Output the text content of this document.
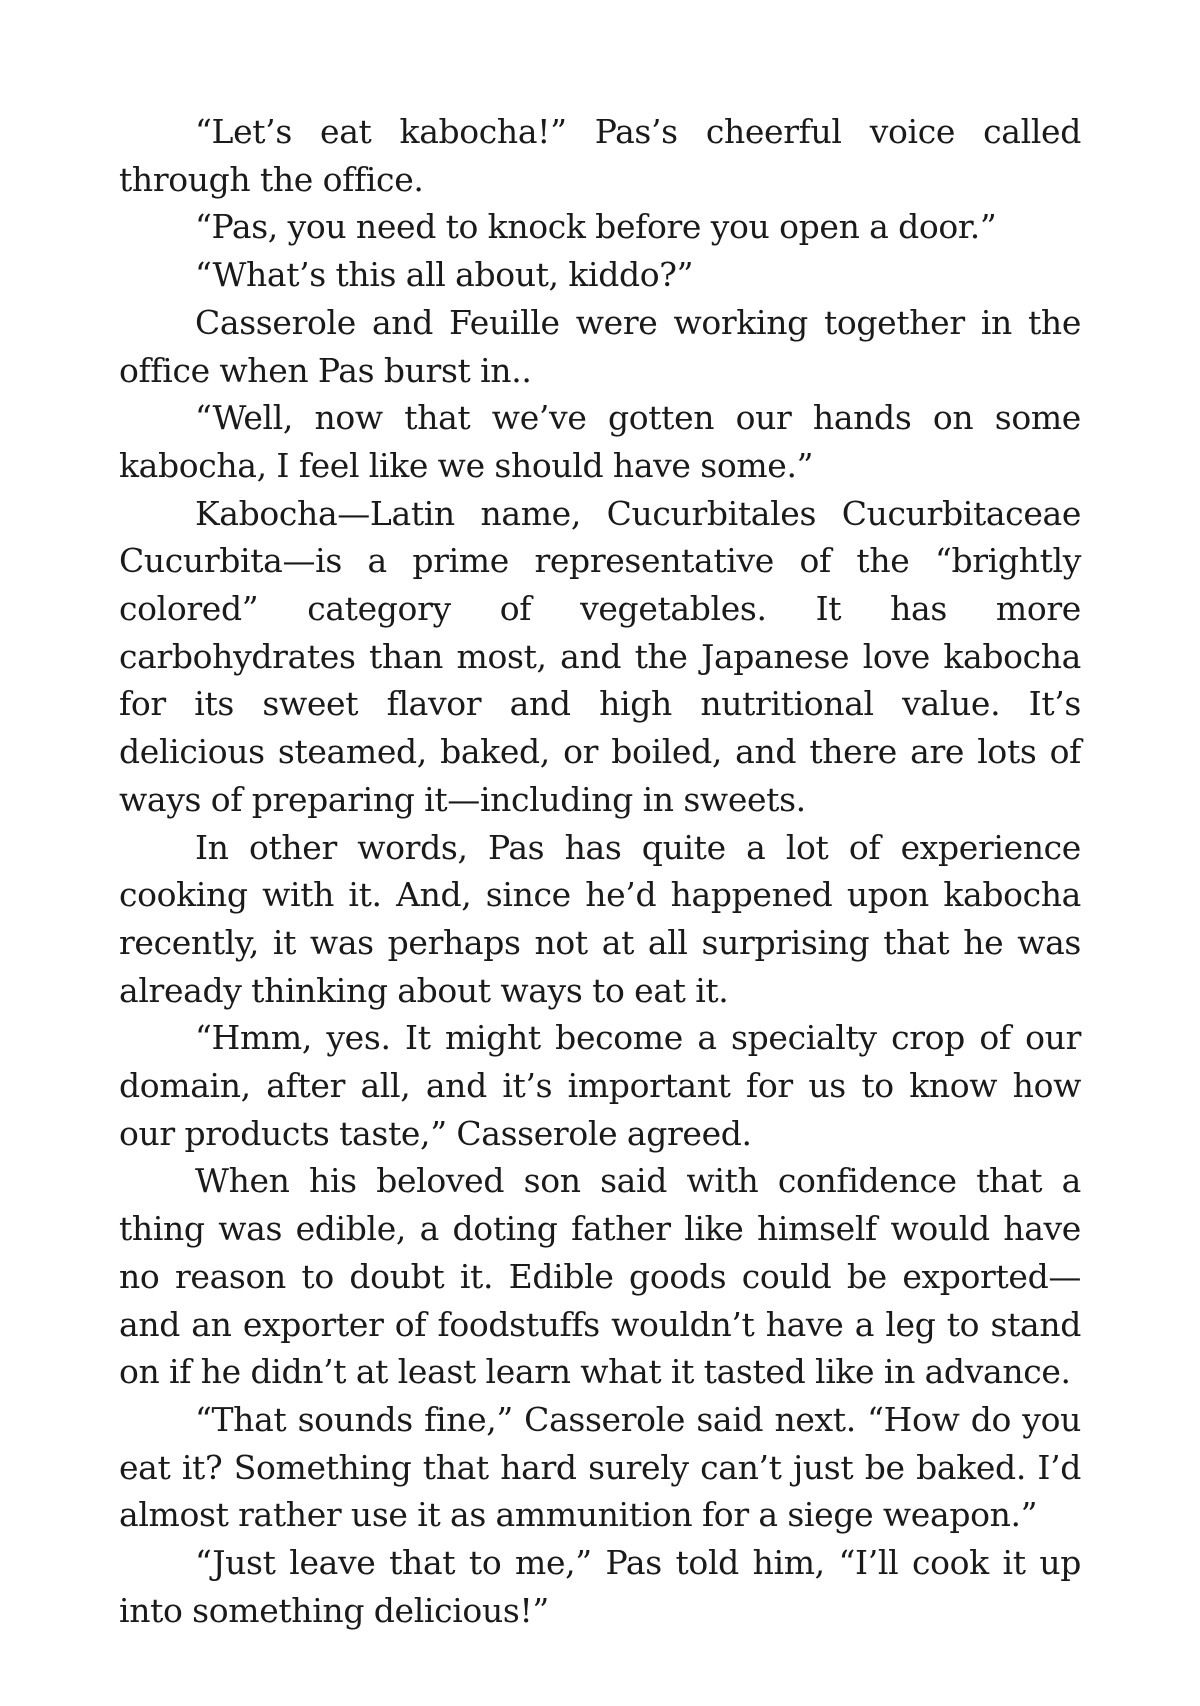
“Let’s eat kabocha!” Pas’s cheerful voice called through the office.

“Pas, you need to knock before you open a door.”

“What’s this all about, kiddo?”

Casserole and Feuille were working together in the office when Pas burst in..

“Well, now that we’ve gotten our hands on some kabocha, I feel like we should have some.”

Kabocha—Latin name, Cucurbitales Cucurbitaceae Cucurbita—is a prime representative of the “brightly colored” category of vegetables. It has more carbohydrates than most, and the Japanese love kabocha for its sweet flavor and high nutritional value. It’s delicious steamed, baked, or boiled, and there are lots of ways of preparing it—including in sweets.

In other words, Pas has quite a lot of experience cooking with it. And, since he’d happened upon kabocha recently, it was perhaps not at all surprising that he was already thinking about ways to eat it.

“Hmm, yes. It might become a specialty crop of our domain, after all, and it’s important for us to know how our products taste,” Casserole agreed.

When his beloved son said with confidence that a thing was edible, a doting father like himself would have no reason to doubt it. Edible goods could be exported—and an exporter of foodstuffs wouldn’t have a leg to stand on if he didn’t at least learn what it tasted like in advance.

“That sounds fine,” Casserole said next. “How do you eat it? Something that hard surely can’t just be baked. I’d almost rather use it as ammunition for a siege weapon.”

“Just leave that to me,” Pas told him, “I’ll cook it up into something delicious!”
